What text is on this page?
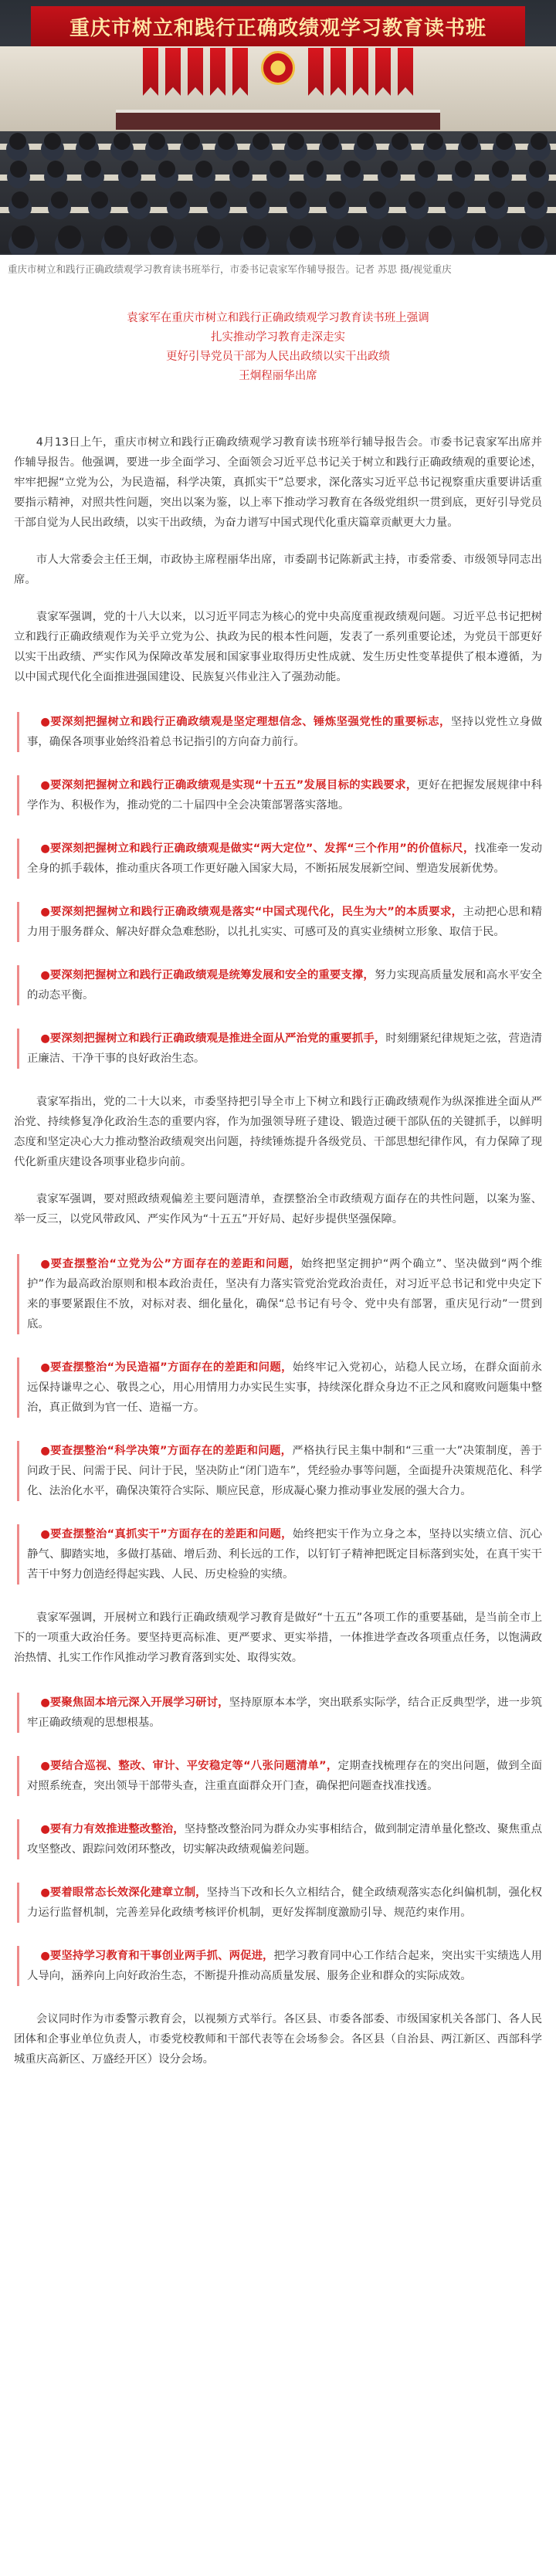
重庆市树立和践行正确政绩观学习教育读书班
重庆市树立和践行正确政绩观学习教育读书班举行，市委书记袁家军作辅导报告。记者 苏思 摄/视觉重庆

袁家军在重庆市树立和践行正确政绩观学习教育读书班上强调

扎实推动学习教育走深走实

更好引导党员干部为人民出政绩以实干出政绩

王炯程丽华出席

4月13日上午，重庆市树立和践行正确政绩观学习教育读书班举行辅导报告会。市委书记袁家军出席并作辅导报告。他强调，要进一步全面学习、全面领会习近平总书记关于树立和践行正确政绩观的重要论述，牢牢把握“立党为公，为民造福，科学决策，真抓实干”总要求，深化落实习近平总书记视察重庆重要讲话重要指示精神，对照共性问题，突出以案为鉴，以上率下推动学习教育在各级党组织一贯到底，更好引导党员干部自觉为人民出政绩，以实干出政绩，为奋力谱写中国式现代化重庆篇章贡献更大力量。

市人大常委会主任王炯，市政协主席程丽华出席，市委副书记陈新武主持，市委常委、市级领导同志出席。

袁家军强调，党的十八大以来，以习近平同志为核心的党中央高度重视政绩观问题。习近平总书记把树立和践行正确政绩观作为关乎立党为公、执政为民的根本性问题，发表了一系列重要论述，为党员干部更好以实干出政绩、严实作风为保障改革发展和国家事业取得历史性成就、发生历史性变革提供了根本遵循，为以中国式现代化全面推进强国建设、民族复兴伟业注入了强劲动能。

●要深刻把握树立和践行正确政绩观是坚定理想信念、锤炼坚强党性的重要标志，坚持以党性立身做事，确保各项事业始终沿着总书记指引的方向奋力前行。

●要深刻把握树立和践行正确政绩观是实现“十五五”发展目标的实践要求，更好在把握发展规律中科学作为、积极作为，推动党的二十届四中全会决策部署落实落地。

●要深刻把握树立和践行正确政绩观是做实“两大定位”、发挥“三个作用”的价值标尺，找准牵一发动全身的抓手载体，推动重庆各项工作更好融入国家大局，不断拓展发展新空间、塑造发展新优势。

●要深刻把握树立和践行正确政绩观是落实“中国式现代化，民生为大”的本质要求，主动把心思和精力用于服务群众、解决好群众急难愁盼，以扎扎实实、可感可及的真实业绩树立形象、取信于民。

●要深刻把握树立和践行正确政绩观是统筹发展和安全的重要支撑，努力实现高质量发展和高水平安全的动态平衡。

●要深刻把握树立和践行正确政绩观是推进全面从严治党的重要抓手，时刻绷紧纪律规矩之弦，营造清正廉洁、干净干事的良好政治生态。

袁家军指出，党的二十大以来，市委坚持把引导全市上下树立和践行正确政绩观作为纵深推进全面从严治党、持续修复净化政治生态的重要内容，作为加强领导班子建设、锻造过硬干部队伍的关键抓手，以鲜明态度和坚定决心大力推动整治政绩观突出问题，持续锤炼提升各级党员、干部思想纪律作风，有力保障了现代化新重庆建设各项事业稳步向前。

袁家军强调，要对照政绩观偏差主要问题清单，查摆整治全市政绩观方面存在的共性问题，以案为鉴、举一反三，以党风带政风、严实作风为“十五五”开好局、起好步提供坚强保障。

●要查摆整治“立党为公”方面存在的差距和问题，始终把坚定拥护“两个确立”、坚决做到“两个维护”作为最高政治原则和根本政治责任，坚决有力落实管党治党政治责任，对习近平总书记和党中央定下来的事要紧跟住不放，对标对表、细化量化，确保“总书记有号令、党中央有部署，重庆见行动”一贯到底。

●要查摆整治“为民造福”方面存在的差距和问题，始终牢记入党初心，站稳人民立场，在群众面前永远保持谦卑之心、敬畏之心，用心用情用力办实民生实事，持续深化群众身边不正之风和腐败问题集中整治，真正做到为官一任、造福一方。

●要查摆整治“科学决策”方面存在的差距和问题，严格执行民主集中制和“三重一大”决策制度，善于问政于民、问需于民、问计于民，坚决防止“闭门造车”，凭经验办事等问题，全面提升决策规范化、科学化、法治化水平，确保决策符合实际、顺应民意，形成凝心聚力推动事业发展的强大合力。

●要查摆整治“真抓实干”方面存在的差距和问题，始终把实干作为立身之本，坚持以实绩立信、沉心静气、脚踏实地，多做打基础、增后劲、利长远的工作，以钉钉子精神把既定目标落到实处，在真干实干苦干中努力创造经得起实践、人民、历史检验的实绩。

袁家军强调，开展树立和践行正确政绩观学习教育是做好“十五五”各项工作的重要基础，是当前全市上下的一项重大政治任务。要坚持更高标准、更严要求、更实举措，一体推进学查改各项重点任务，以饱满政治热情、扎实工作作风推动学习教育落到实处、取得实效。

●要聚焦固本培元深入开展学习研讨，坚持原原本本学，突出联系实际学，结合正反典型学，进一步筑牢正确政绩观的思想根基。

●要结合巡视、整改、审计、平安稳定等“八张问题清单”，定期查找梳理存在的突出问题，做到全面对照系统查，突出领导干部带头查，注重直面群众开门查，确保把问题查找准找透。

●要有力有效推进整改整治，坚持整改整治同为群众办实事相结合，做到制定清单量化整改、聚焦重点攻坚整改、跟踪问效闭环整改，切实解决政绩观偏差问题。

●要着眼常态长效深化建章立制，坚持当下改和长久立相结合，健全政绩观落实态化纠偏机制，强化权力运行监督机制，完善差异化政绩考核评价机制，更好发挥制度激励引导、规范约束作用。

●要坚持学习教育和干事创业两手抓、两促进，把学习教育同中心工作结合起来，突出实干实绩选人用人导向，涵养向上向好政治生态，不断提升推动高质量发展、服务企业和群众的实际成效。

会议同时作为市委警示教育会，以视频方式举行。各区县、市委各部委、市级国家机关各部门、各人民团体和企事业单位负责人，市委党校教师和干部代表等在会场参会。各区县（自治县、两江新区、西部科学城重庆高新区、万盛经开区）设分会场。
